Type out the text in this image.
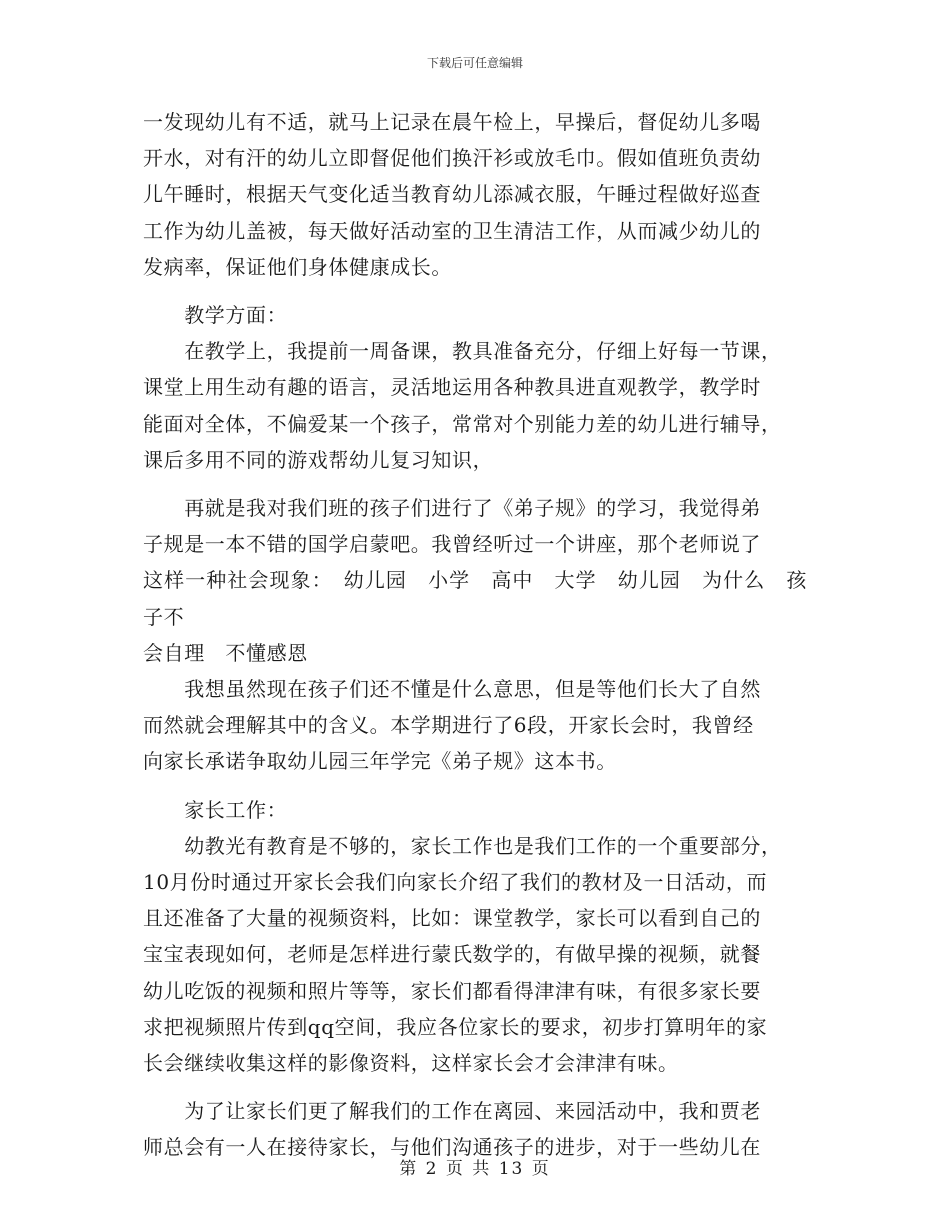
下载后可任意编辑

一发现幼儿有不适，就马上记录在晨午检上，早操后，督促幼儿多喝

开水，对有汗的幼儿立即督促他们换汗衫或放毛巾。假如值班负责幼

儿午睡时，根据天气变化适当教育幼儿添减衣服，午睡过程做好巡查

工作为幼儿盖被，每天做好活动室的卫生清洁工作，从而减少幼儿的

发病率，保证他们身体健康成长。

　　教学方面：

　　在教学上，我提前一周备课，教具准备充分，仔细上好每一节课，

课堂上用生动有趣的语言，灵活地运用各种教具进直观教学，教学时

能面对全体，不偏爱某一个孩子，常常对个别能力差的幼儿进行辅导，

课后多用不同的游戏帮幼儿复习知识，

　　再就是我对我们班的孩子们进行了《弟子规》的学习，我觉得弟

子规是一本不错的国学启蒙吧。我曾经听过一个讲座，那个老师说了

这样一种社会现象：　幼儿园　小学　高中　大学　幼儿园　为什么　孩子不

会自理　不懂感恩

　　我想虽然现在孩子们还不懂是什么意思，但是等他们长大了自然

而然就会理解其中的含义。本学期进行了6段，开家长会时，我曾经

向家长承诺争取幼儿园三年学完《弟子规》这本书。

　　家长工作：

　　幼教光有教育是不够的，家长工作也是我们工作的一个重要部分，

10月份时通过开家长会我们向家长介绍了我们的教材及一日活动，而

且还准备了大量的视频资料，比如：课堂教学，家长可以看到自己的

宝宝表现如何，老师是怎样进行蒙氏数学的，有做早操的视频，就餐

幼儿吃饭的视频和照片等等，家长们都看得津津有味，有很多家长要

求把视频照片传到qq空间，我应各位家长的要求，初步打算明年的家

长会继续收集这样的影像资料，这样家长会才会津津有味。

　　为了让家长们更了解我们的工作在离园、来园活动中，我和贾老

师总会有一人在接待家长，与他们沟通孩子的进步，对于一些幼儿在

第 2 页 共 13 页
